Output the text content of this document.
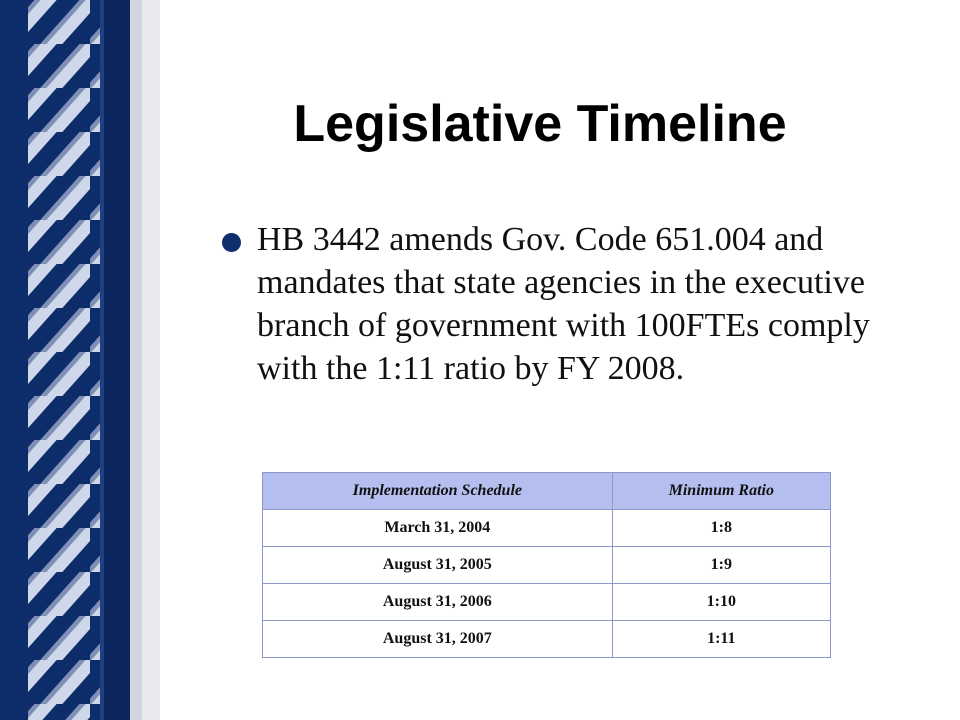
Legislative Timeline

HB 3442 amends Gov. Code 651.004 and mandates that state agencies in the executive branch of government with 100FTEs comply with the 1:11 ratio by FY 2008.

Implementation Schedule	Minimum Ratio
March 31, 2004	1:8
August 31, 2005	1:9
August 31, 2006	1:10
August 31, 2007	1:11
